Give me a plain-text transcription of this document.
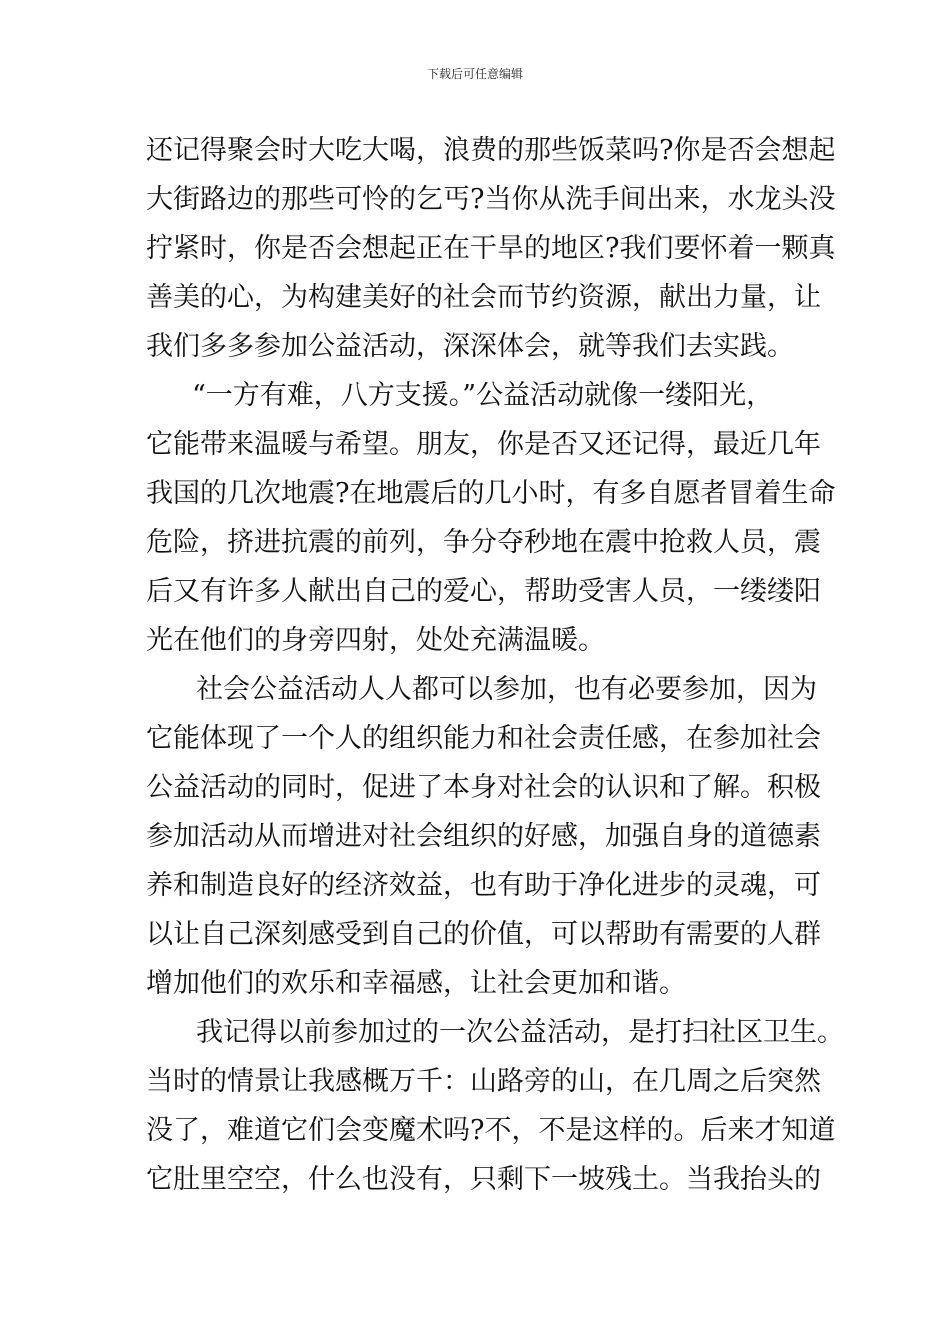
下载后可任意编辑
还记得聚会时大吃大喝，浪费的那些饭菜吗?你是否会想起
大街路边的那些可怜的乞丐?当你从洗手间出来，水龙头没
拧紧时，你是否会想起正在干旱的地区?我们要怀着一颗真
善美的心，为构建美好的社会而节约资源，献出力量，让
我们多多参加公益活动，深深体会，就等我们去实践。
“一方有难，八方支援。”公益活动就像一缕阳光，
它能带来温暖与希望。朋友，你是否又还记得，最近几年
我国的几次地震?在地震后的几小时，有多自愿者冒着生命
危险，挤进抗震的前列，争分夺秒地在震中抢救人员，震
后又有许多人献出自己的爱心，帮助受害人员，一缕缕阳
光在他们的身旁四射，处处充满温暖。
社会公益活动人人都可以参加，也有必要参加，因为
它能体现了一个人的组织能力和社会责任感，在参加社会
公益活动的同时，促进了本身对社会的认识和了解。积极
参加活动从而增进对社会组织的好感，加强自身的道德素
养和制造良好的经济效益，也有助于净化进步的灵魂，可
以让自己深刻感受到自己的价值，可以帮助有需要的人群
增加他们的欢乐和幸福感，让社会更加和谐。
我记得以前参加过的一次公益活动，是打扫社区卫生。
当时的情景让我感概万千：山路旁的山，在几周之后突然
没了，难道它们会变魔术吗?不，不是这样的。后来才知道
它肚里空空，什么也没有，只剩下一坡残土。当我抬头的
